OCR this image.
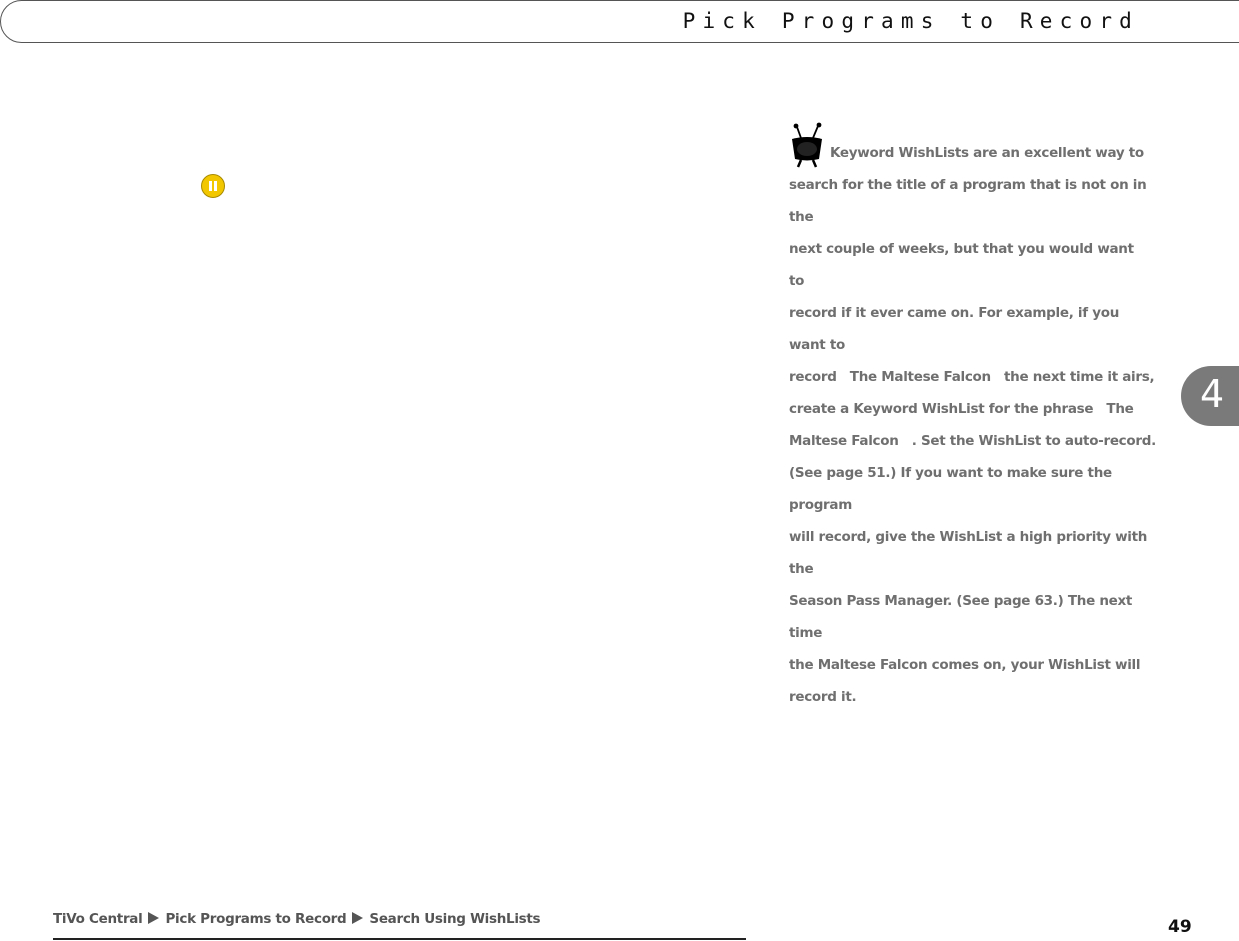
Pick Programs to Record
Keyword WishLists are an excellent way to
search for the title of a program that is not on in the
next couple of weeks, but that you would want to
record if it ever came on. For example, if you want to
record   The Maltese Falcon   the next time it airs,
create a Keyword WishList for the phrase   The
Maltese Falcon   . Set the WishList to auto-record.
(See page 51.) If you want to make sure the program
will record, give the WishList a high priority with the
Season Pass Manager. (See page 63.) The next time
the Maltese Falcon comes on, your WishList will
record it.
4
TiVo Central Pick Programs to Record Search Using WishLists	49
